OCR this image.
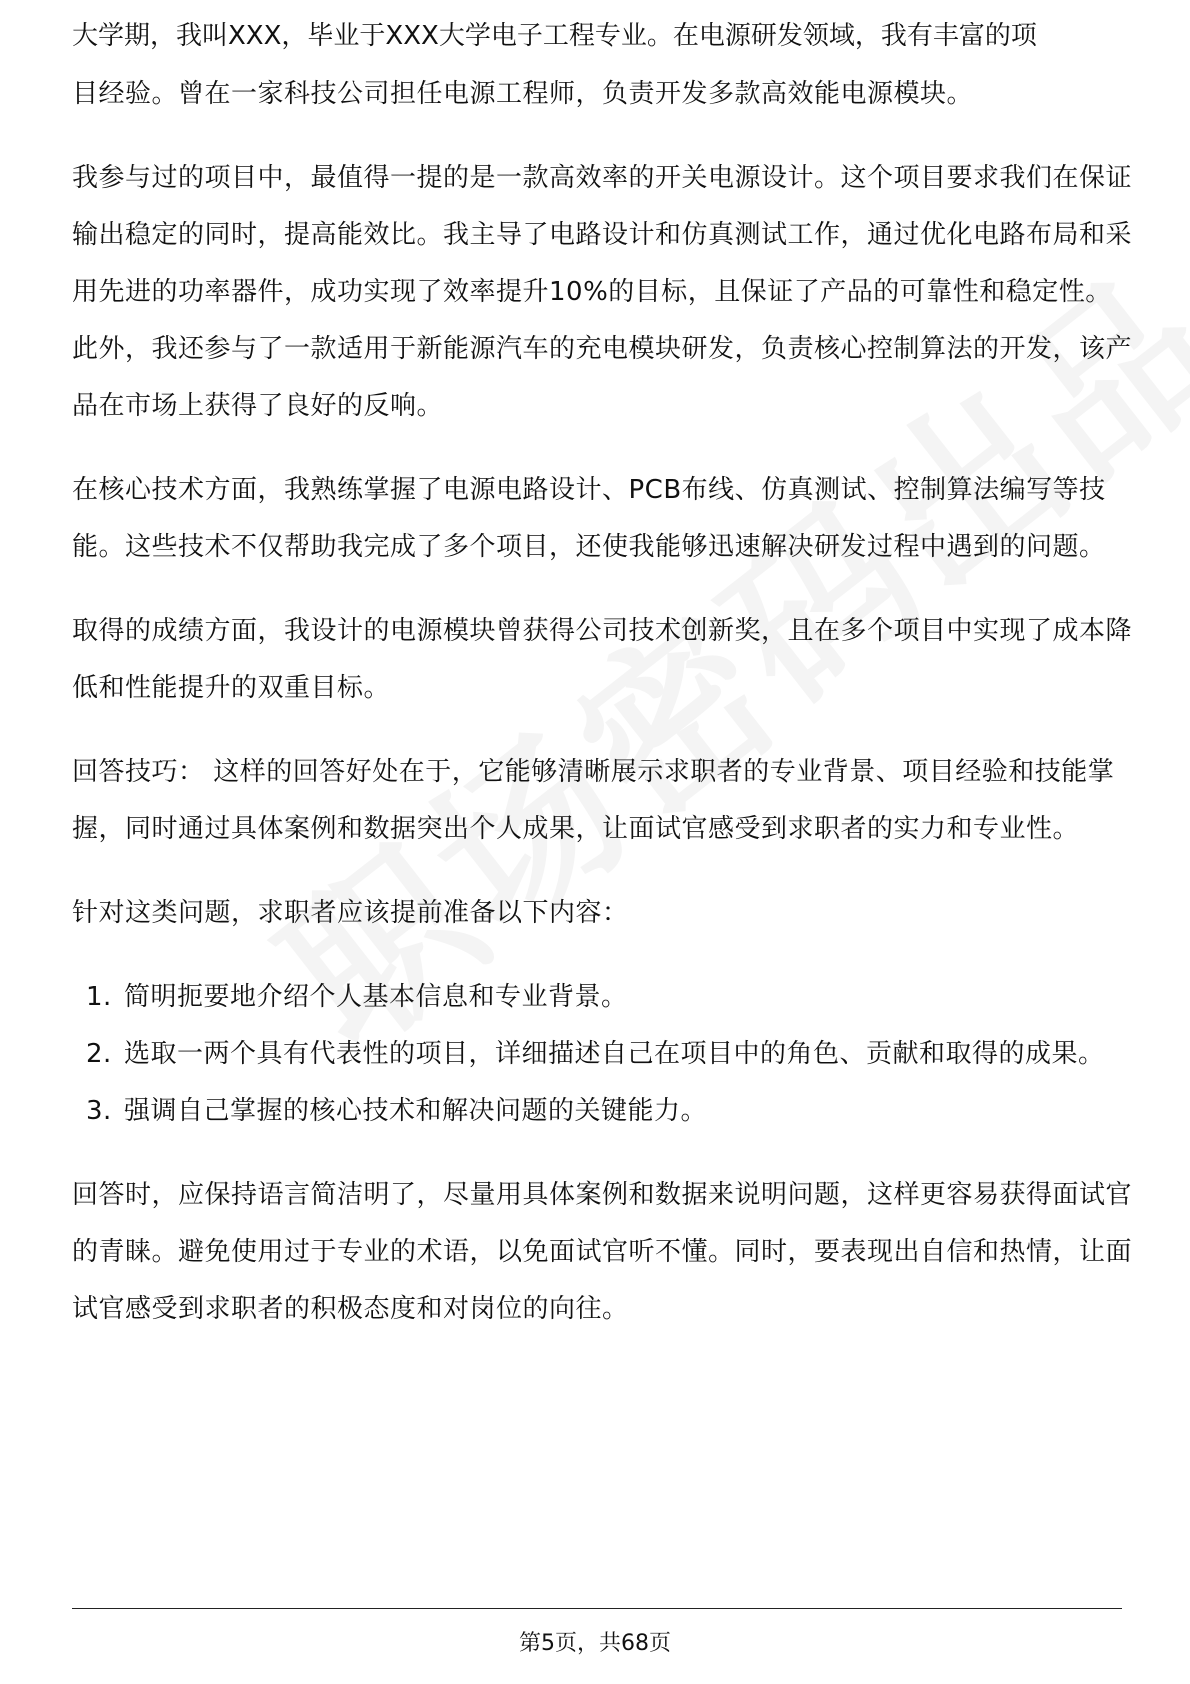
大学期，我叫XXX，毕业于XXX大学电子工程专业。在电源研发领域，我有丰富的项

目经验。曾在一家科技公司担任电源工程师，负责开发多款高效能电源模块。

我参与过的项目中，最值得一提的是一款高效率的开关电源设计。这个项目要求我们在保证输出稳定的同时，提高能效比。我主导了电路设计和仿真测试工作，通过优化电路布局和采用先进的功率器件，成功实现了效率提升10%的目标，且保证了产品的可靠性和稳定性。此外，我还参与了一款适用于新能源汽车的充电模块研发，负责核心控制算法的开发，该产品在市场上获得了良好的反响。

在核心技术方面，我熟练掌握了电源电路设计、PCB布线、仿真测试、控制算法编写等技能。这些技术不仅帮助我完成了多个项目，还使我能够迅速解决研发过程中遇到的问题。

取得的成绩方面，我设计的电源模块曾获得公司技术创新奖，且在多个项目中实现了成本降低和性能提升的双重目标。

回答技巧： 这样的回答好处在于，它能够清晰展示求职者的专业背景、项目经验和技能掌握，同时通过具体案例和数据突出个人成果，让面试官感受到求职者的实力和专业性。

针对这类问题，求职者应该提前准备以下内容：

1. 简明扼要地介绍个人基本信息和专业背景。
2. 选取一两个具有代表性的项目，详细描述自己在项目中的角色、贡献和取得的成果。
3. 强调自己掌握的核心技术和解决问题的关键能力。

回答时，应保持语言简洁明了，尽量用具体案例和数据来说明问题，这样更容易获得面试官的青睐。避免使用过于专业的术语，以免面试官听不懂。同时，要表现出自信和热情，让面试官感受到求职者的积极态度和对岗位的向往。

第5页，共68页
